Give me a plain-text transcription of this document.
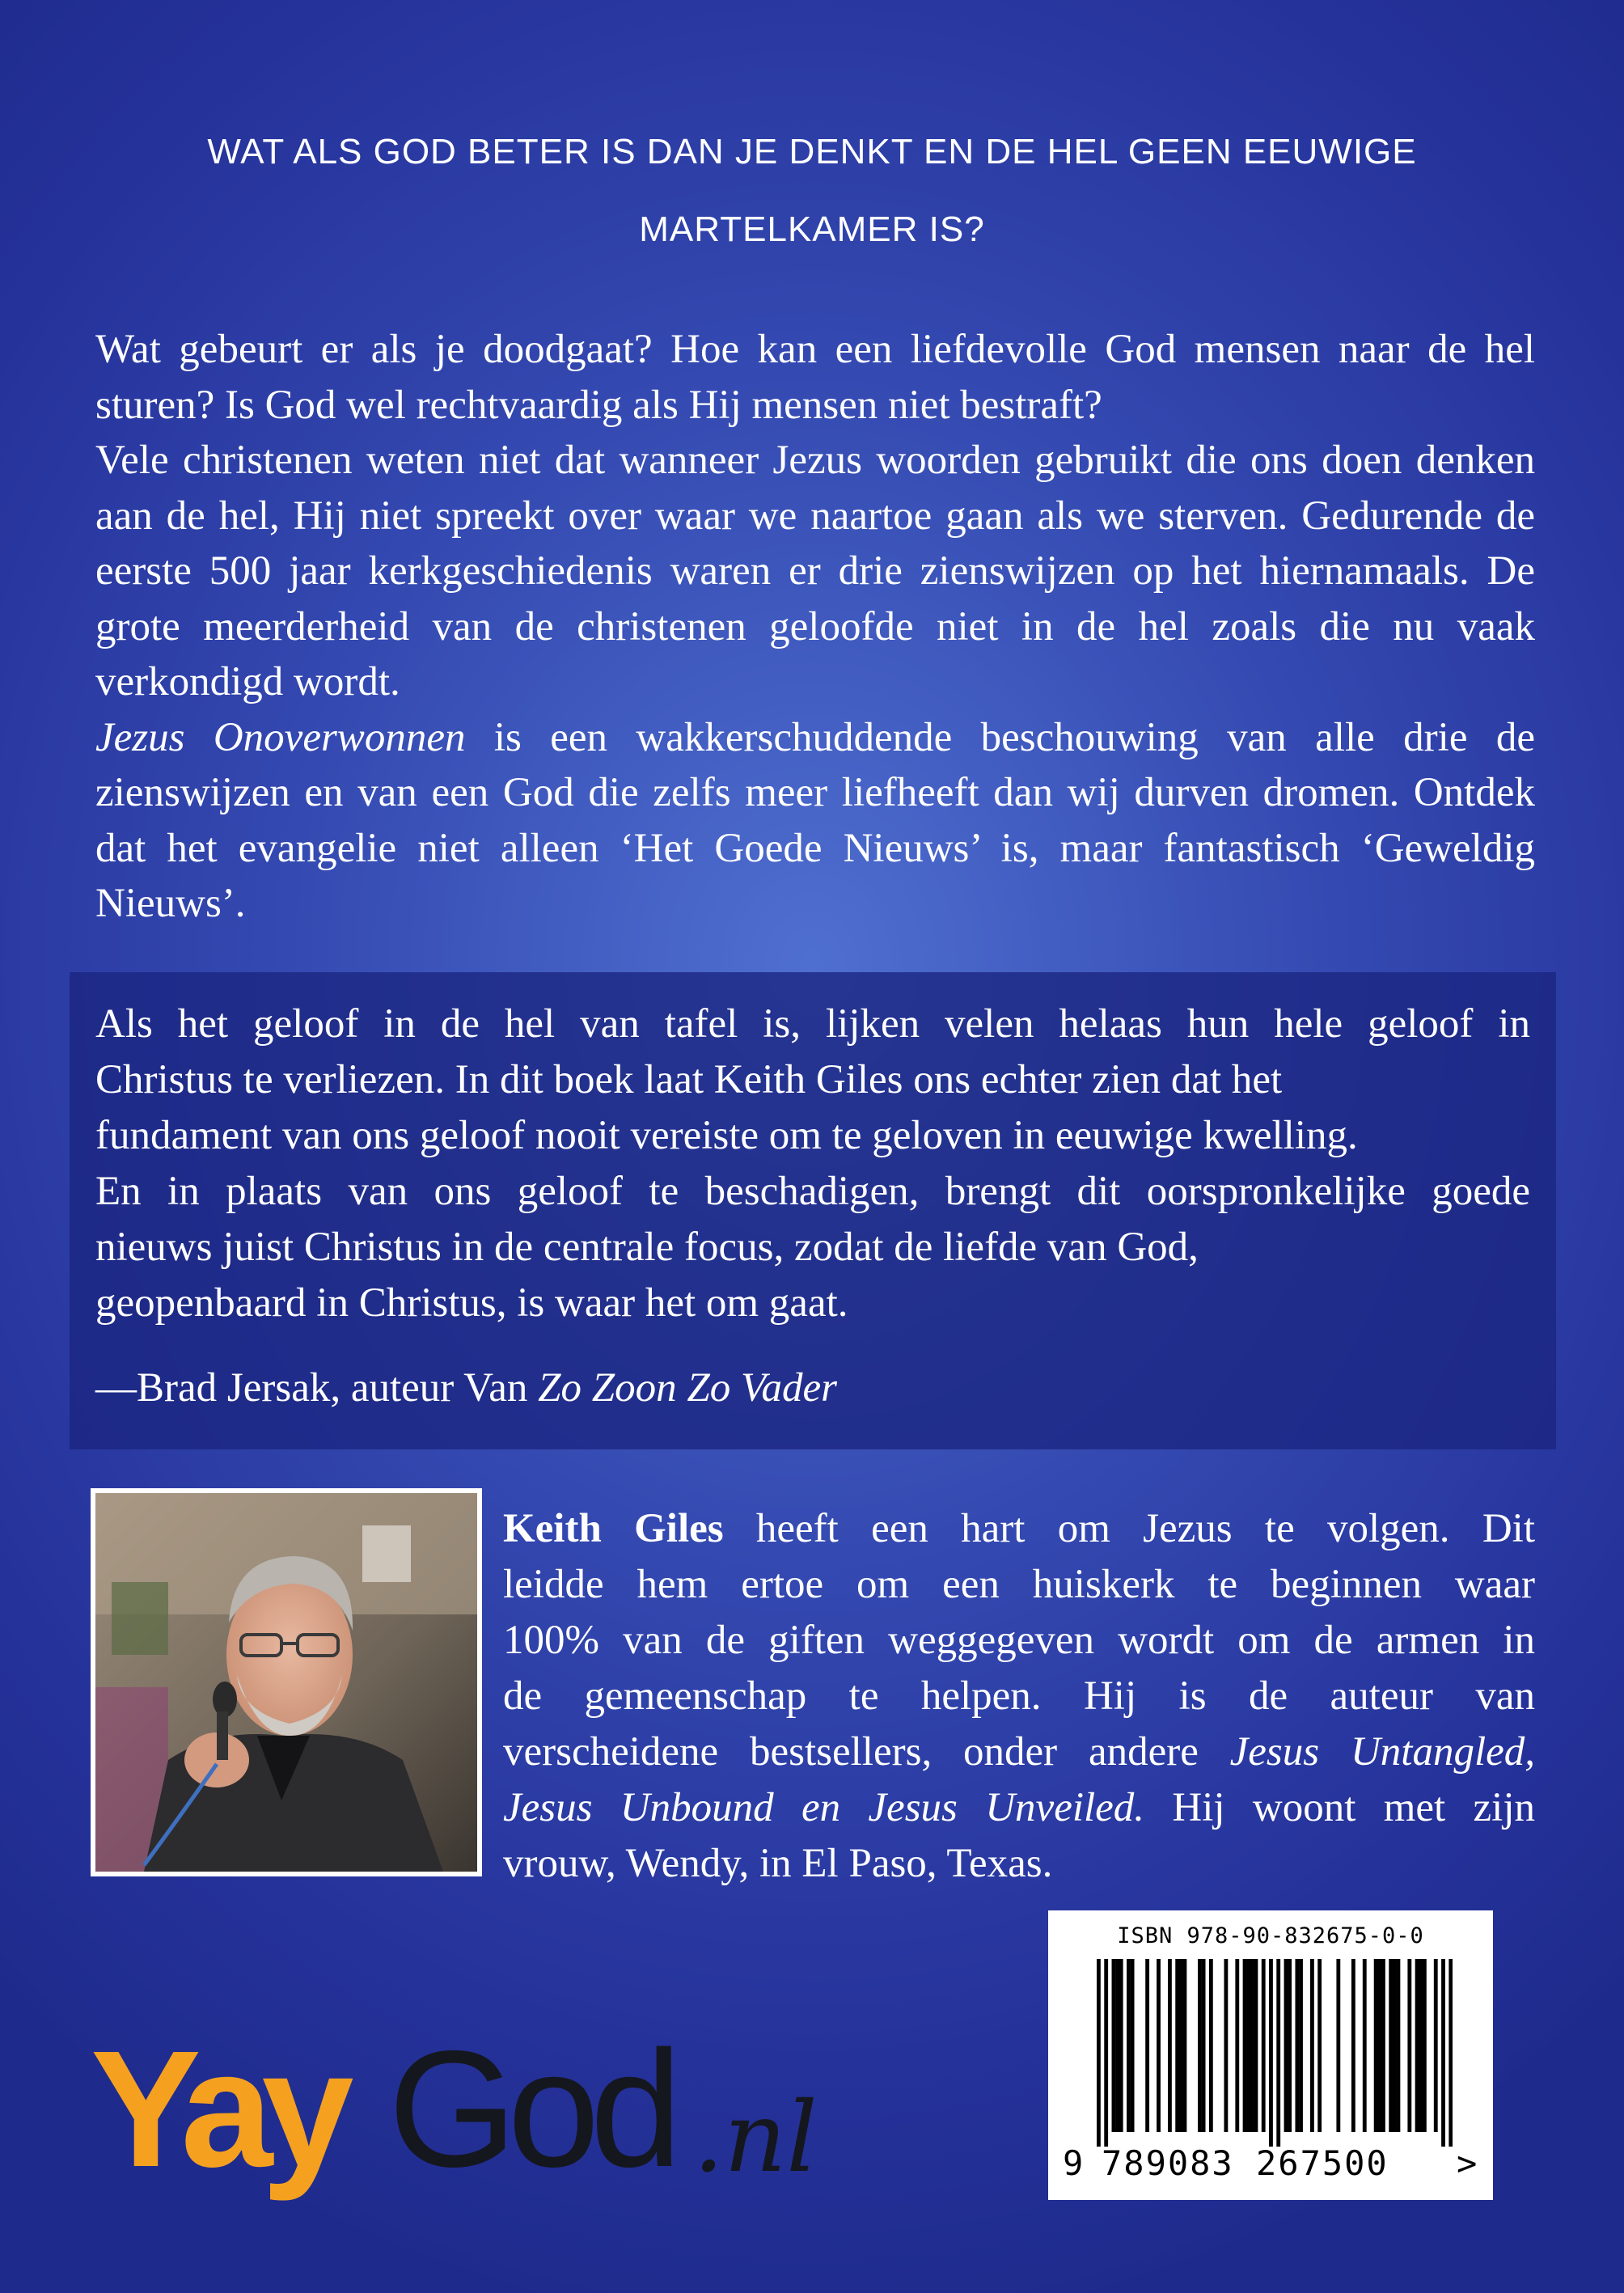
WAT ALS GOD BETER IS DAN JE DENKT EN DE HEL GEEN EEUWIGE
MARTELKAMER IS?

Wat gebeurt er als je doodgaat? Hoe kan een liefdevolle God mensen naar de hel sturen? Is God wel rechtvaardig als Hij mensen niet bestraft?

Vele christenen weten niet dat wanneer Jezus woorden gebruikt die ons doen denken aan de hel, Hij niet spreekt over waar we naartoe gaan als we sterven. Gedurende de eerste 500 jaar kerkgeschiedenis waren er drie zienswijzen op het hiernamaals. De grote meerderheid van de christenen geloofde niet in de hel zoals die nu vaak verkondigd wordt.

Jezus Onoverwonnen is een wakkerschuddende beschouwing van alle drie de zienswijzen en van een God die zelfs meer liefheeft dan wij durven dromen. Ontdek dat het evangelie niet alleen ‘Het Goede Nieuws’ is, maar fantastisch ‘Geweldig Nieuws’.

Als het geloof in de hel van tafel is, lijken velen helaas hun hele geloof in
Christus te verliezen. In dit boek laat Keith Giles ons echter zien dat het
fundament van ons geloof nooit vereiste om te geloven in eeuwige kwelling.
En in plaats van ons geloof te beschadigen, brengt dit oorspronkelijke goede
nieuws juist Christus in de centrale focus, zodat de liefde van God,
geopenbaard in Christus, is waar het om gaat.
—Brad Jersak, auteur Van Zo Zoon Zo Vader
Keith Giles heeft een hart om Jezus te volgen. Dit
leidde hem ertoe om een huiskerk te beginnen waar
100% van de giften weggegeven wordt om de armen in
de gemeenschap te helpen. Hij is de auteur van
verscheidene bestsellers, onder andere Jesus Untangled,
Jesus Unbound en Jesus Unveiled. Hij woont met zijn
vrouw, Wendy, in El Paso, Texas.
ISBN 978-90-832675-0-0
9 789083 267500 >
Yay God .nl
